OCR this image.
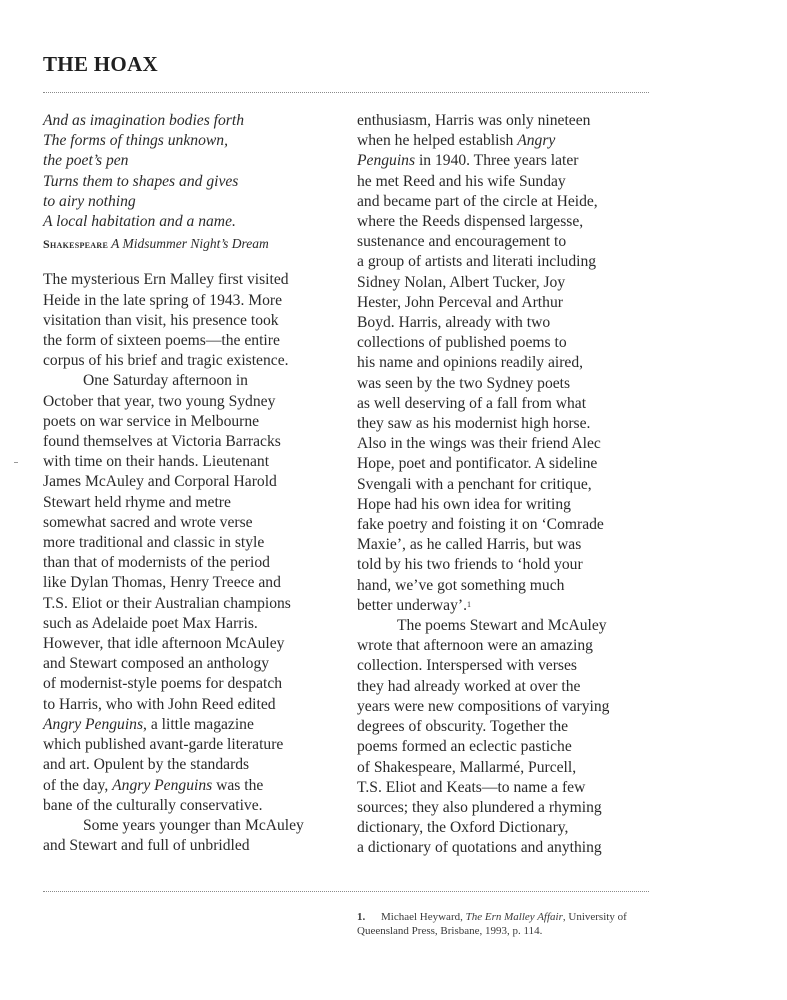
THE HOAX
And as imagination bodies forth
The forms of things unknown,
the poet’s pen
Turns them to shapes and gives
to airy nothing
A local habitation and a name.
Shakespeare A Midsummer Night’s Dream
The mysterious Ern Malley first visited
Heide in the late spring of 1943. More
visitation than visit, his presence took
the form of sixteen poems—the entire
corpus of his brief and tragic existence.
One Saturday afternoon in
October that year, two young Sydney
poets on war service in Melbourne
found themselves at Victoria Barracks
with time on their hands. Lieutenant
James McAuley and Corporal Harold
Stewart held rhyme and metre
somewhat sacred and wrote verse
more traditional and classic in style
than that of modernists of the period
like Dylan Thomas, Henry Treece and
T.S. Eliot or their Australian champions
such as Adelaide poet Max Harris.
However, that idle afternoon McAuley
and Stewart composed an anthology
of modernist-style poems for despatch
to Harris, who with John Reed edited
Angry Penguins, a little magazine
which published avant-garde literature
and art. Opulent by the standards
of the day, Angry Penguins was the
bane of the culturally conservative.
Some years younger than McAuley
and Stewart and full of unbridled
enthusiasm, Harris was only nineteen
when he helped establish Angry
Penguins in 1940. Three years later
he met Reed and his wife Sunday
and became part of the circle at Heide,
where the Reeds dispensed largesse,
sustenance and encouragement to
a group of artists and literati including
Sidney Nolan, Albert Tucker, Joy
Hester, John Perceval and Arthur
Boyd. Harris, already with two
collections of published poems to
his name and opinions readily aired,
was seen by the two Sydney poets
as well deserving of a fall from what
they saw as his modernist high horse.
Also in the wings was their friend Alec
Hope, poet and pontificator. A sideline
Svengali with a penchant for critique,
Hope had his own idea for writing
fake poetry and foisting it on ‘Comrade
Maxie’, as he called Harris, but was
told by his two friends to ‘hold your
hand, we’ve got something much
better underway’.$^1$
The poems Stewart and McAuley
wrote that afternoon were an amazing
collection. Interspersed with verses
they had already worked at over the
years were new compositions of varying
degrees of obscurity. Together the
poems formed an eclectic pastiche
of Shakespeare, Mallarmé, Purcell,
T.S. Eliot and Keats—to name a few
sources; they also plundered a rhyming
dictionary, the Oxford Dictionary,
a dictionary of quotations and anything
1. Michael Heyward, The Ern Malley Affair, University of Queensland Press, Brisbane, 1993, p. 114.
